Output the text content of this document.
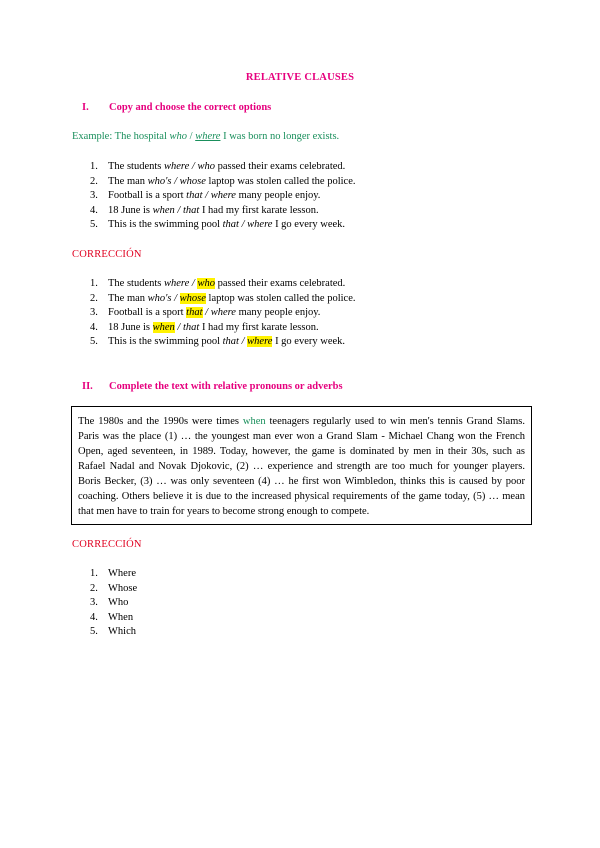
RELATIVE CLAUSES
I. Copy and choose the correct options
Example: The hospital who / where I was born no longer exists.
1. The students where / who passed their exams celebrated.
2. The man who's / whose laptop was stolen called the police.
3. Football is a sport that / where many people enjoy.
4. 18 June is when / that I had my first karate lesson.
5. This is the swimming pool that / where I go every week.
CORRECCIÓN
1. The students where / who passed their exams celebrated.
2. The man who's / whose laptop was stolen called the police.
3. Football is a sport that / where many people enjoy.
4. 18 June is when / that I had my first karate lesson.
5. This is the swimming pool that / where I go every week.
II. Complete the text with relative pronouns or adverbs
The 1980s and the 1990s were times when teenagers regularly used to win men's tennis Grand Slams. Paris was the place (1) … the youngest man ever won a Grand Slam - Michael Chang won the French Open, aged seventeen, in 1989. Today, however, the game is dominated by men in their 30s, such as Rafael Nadal and Novak Djokovic, (2) … experience and strength are too much for younger players. Boris Becker, (3) … was only seventeen (4) … he first won Wimbledon, thinks this is caused by poor coaching. Others believe it is due to the increased physical requirements of the game today, (5) … mean that men have to train for years to become strong enough to compete.
CORRECCIÓN
1. Where
2. Whose
3. Who
4. When
5. Which
